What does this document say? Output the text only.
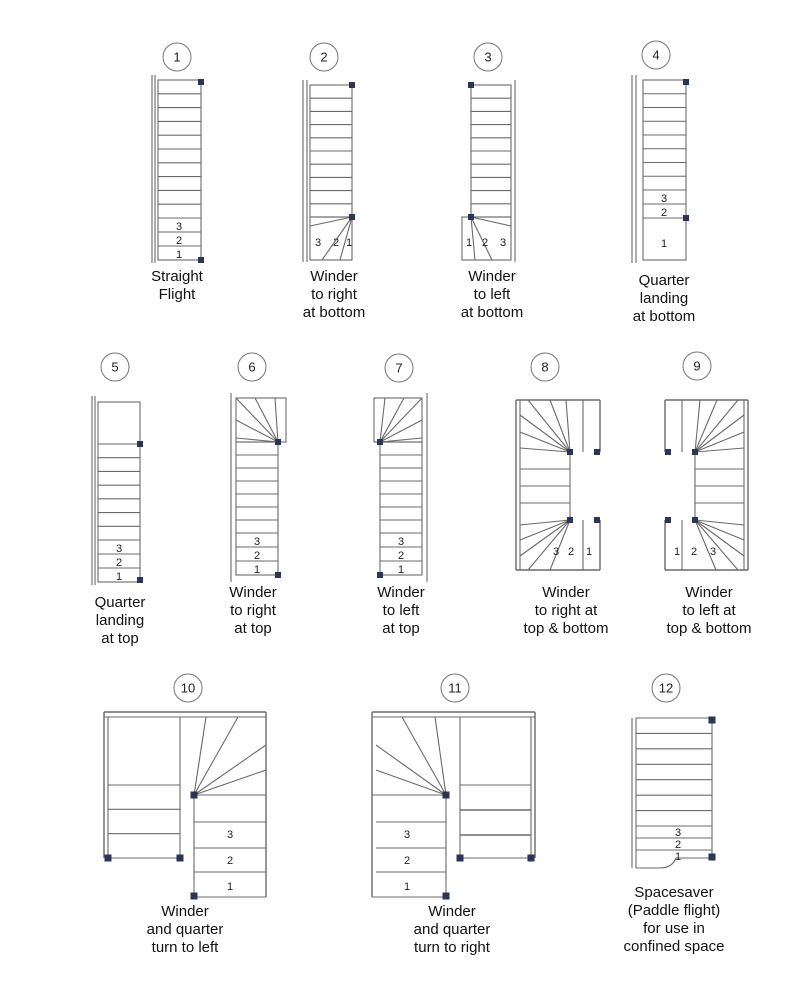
3
2
1
1
3 2 1
2
1 2 3
3
3
2
1
4
3
2
1
5
3
2
1
6
3
2
1
7
3 2 1
8
1 2 3
9
3
2
1
10
3
2
1
11
3
2
1
12
Straight
Flight
Winder
to right
at bottom
Winder
to left
at bottom
Quarter
landing
at bottom
Quarter
landing
at top
Winder
to right
at top
Winder
to left
at top
Winder
to right at
top & bottom
Winder
to left at
top & bottom
Winder
and quarter
turn to left
Winder
and quarter
turn to right
Spacesaver
(Paddle flight)
for use in
confined space
